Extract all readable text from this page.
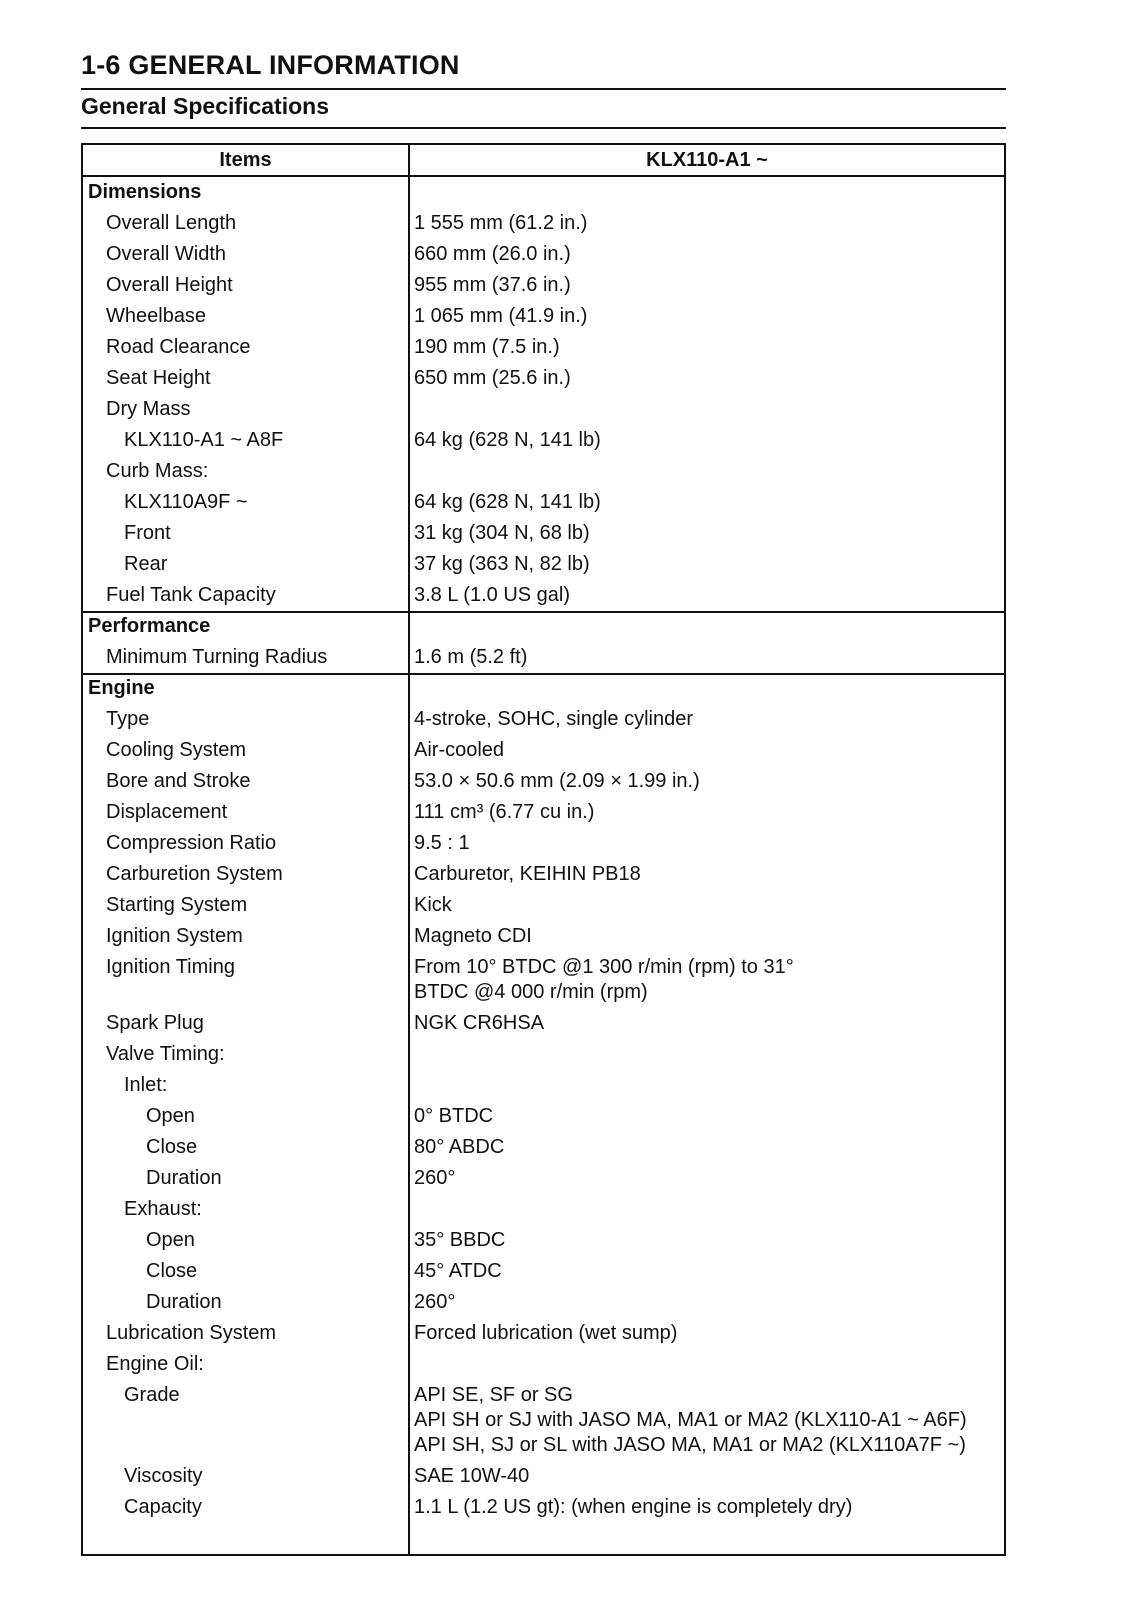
1-6 GENERAL INFORMATION
General Specifications
Items	KLX110-A1 ~
Dimensions
Overall Length	1 555 mm (61.2 in.)
Overall Width	660 mm (26.0 in.)
Overall Height	955 mm (37.6 in.)
Wheelbase	1 065 mm (41.9 in.)
Road Clearance	190 mm (7.5 in.)
Seat Height	650 mm (25.6 in.)
Dry Mass
KLX110-A1 ~ A8F	64 kg (628 N, 141 lb)
Curb Mass:
KLX110A9F ~	64 kg (628 N, 141 lb)
Front	31 kg (304 N, 68 lb)
Rear	37 kg (363 N, 82 lb)
Fuel Tank Capacity	3.8 L (1.0 US gal)
Performance
Minimum Turning Radius	1.6 m (5.2 ft)
Engine
Type	4-stroke, SOHC, single cylinder
Cooling System	Air-cooled
Bore and Stroke	53.0 × 50.6 mm (2.09 × 1.99 in.)
Displacement	111 cm³ (6.77 cu in.)
Compression Ratio	9.5 : 1
Carburetion System	Carburetor, KEIHIN PB18
Starting System	Kick
Ignition System	Magneto CDI
Ignition Timing	From 10° BTDC @1 300 r/min (rpm) to 31°
BTDC @4 000 r/min (rpm)
Spark Plug	NGK CR6HSA
Valve Timing:
Inlet:
Open	0° BTDC
Close	80° ABDC
Duration	260°
Exhaust:
Open	35° BBDC
Close	45° ATDC
Duration	260°
Lubrication System	Forced lubrication (wet sump)
Engine Oil:
Grade	API SE, SF or SG
API SH or SJ with JASO MA, MA1 or MA2 (KLX110-A1 ~ A6F)
API SH, SJ or SL with JASO MA, MA1 or MA2 (KLX110A7F ~)
Viscosity	SAE 10W-40
Capacity	1.1 L (1.2 US gt): (when engine is completely dry)
